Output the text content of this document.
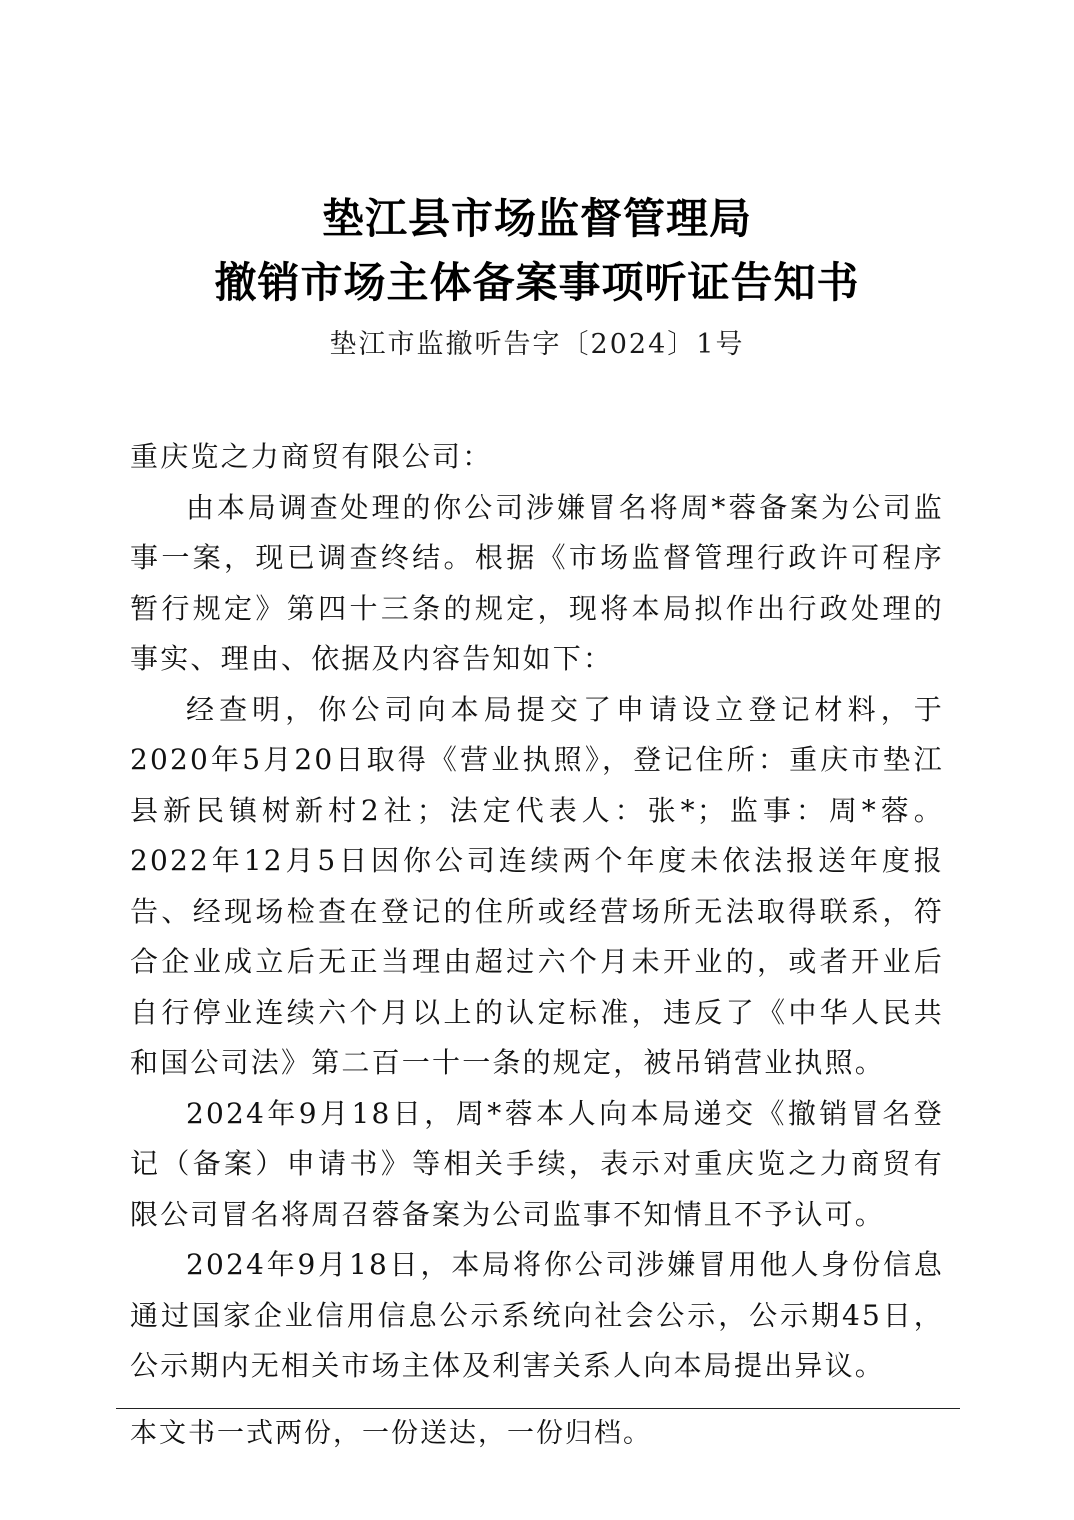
垫江县市场监督管理局
撤销市场主体备案事项听证告知书
垫江市监撤听告字〔2024〕1号

重庆览之力商贸有限公司：

由本局调查处理的你公司涉嫌冒名将周*蓉备案为公司监事一案，现已调查终结。根据《市场监督管理行政许可程序暂行规定》第四十三条的规定，现将本局拟作出行政处理的事实、理由、依据及内容告知如下：

经查明，你公司向本局提交了申请设立登记材料，于2020年5月20日取得《营业执照》，登记住所：重庆市垫江县新民镇树新村2社；法定代表人：张*；监事：周*蓉。2022年12月5日因你公司连续两个年度未依法报送年度报告、经现场检查在登记的住所或经营场所无法取得联系，符合企业成立后无正当理由超过六个月未开业的，或者开业后自行停业连续六个月以上的认定标准，违反了《中华人民共和国公司法》第二百一十一条的规定，被吊销营业执照。

2024年9月18日，周*蓉本人向本局递交《撤销冒名登记（备案）申请书》等相关手续，表示对重庆览之力商贸有限公司冒名将周召蓉备案为公司监事不知情且不予认可。

2024年9月18日，本局将你公司涉嫌冒用他人身份信息通过国家企业信用信息公示系统向社会公示，公示期45日，公示期内无相关市场主体及利害关系人向本局提出异议。

本文书一式两份，一份送达，一份归档。
